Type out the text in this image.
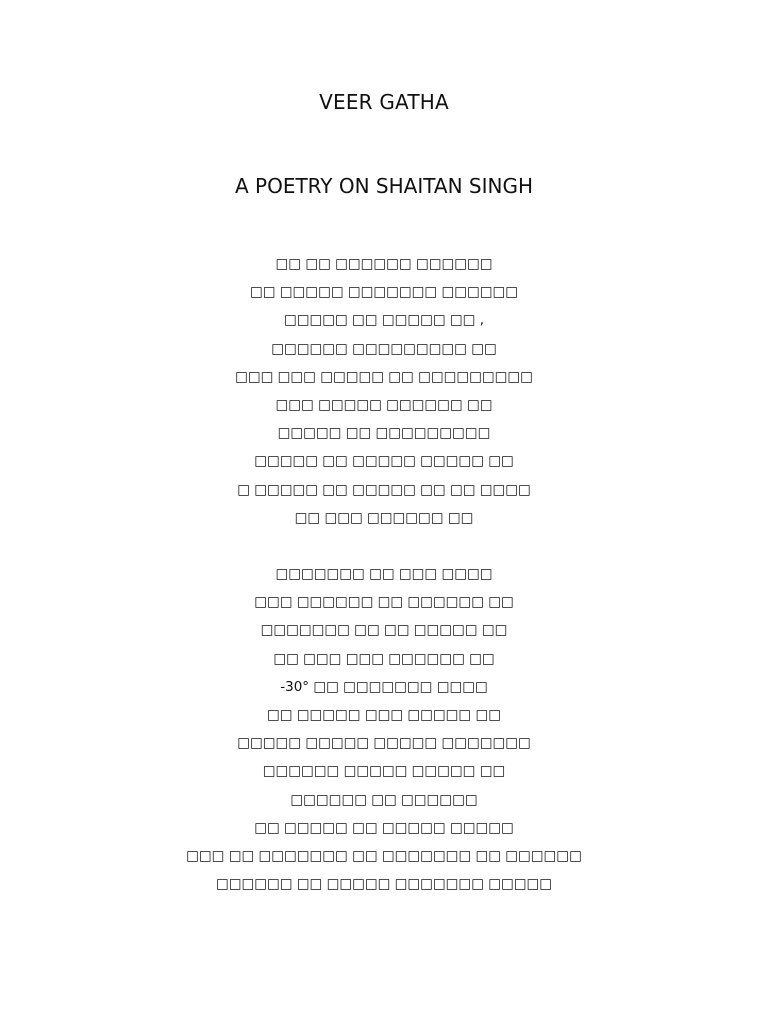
VEER GATHA
A POETRY ON SHAITAN SINGH
□□ □□ □□□□□□ □□□□□□
□□ □□□□□ □□□□□□□ □□□□□□
□□□□□ □□ □□□□□ □□ ,
□□□□□□ □□□□□□□□□ □□
□□□ □□□ □□□□□ □□ □□□□□□□□□
□□□ □□□□□ □□□□□□ □□
□□□□□ □□ □□□□□□□□□
□□□□□ □□ □□□□□ □□□□□ □□
□ □□□□□ □□ □□□□□ □□ □□ □□□□
□□ □□□ □□□□□□ □□
□□□□□□□ □□ □□□ □□□□
□□□ □□□□□□ □□ □□□□□□ □□
□□□□□□□ □□ □□ □□□□□ □□
□□ □□□ □□□ □□□□□□ □□
-30° □□ □□□□□□□ □□□□
□□ □□□□□ □□□ □□□□□ □□
□□□□□ □□□□□ □□□□□ □□□□□□□
□□□□□□ □□□□□ □□□□□ □□
□□□□□□ □□ □□□□□□
□□ □□□□□ □□ □□□□□ □□□□□
□□□ □□ □□□□□□□ □□ □□□□□□□ □□ □□□□□□
□□□□□□ □□ □□□□□ □□□□□□□ □□□□□
